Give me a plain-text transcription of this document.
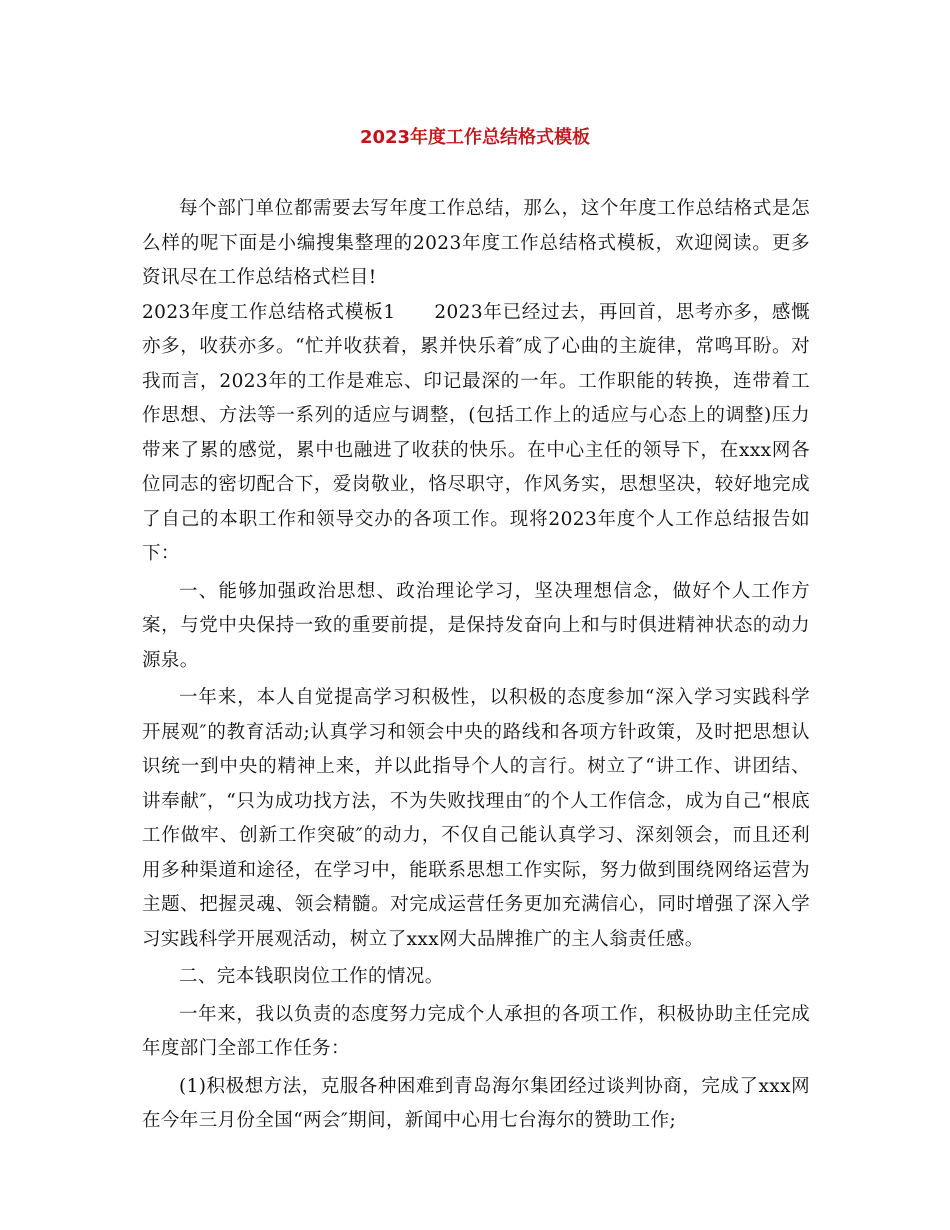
2023年度工作总结格式模板

每个部门单位都需要去写年度工作总结，那么，这个年度工作总结格式是怎么样的呢下面是小编搜集整理的2023年度工作总结格式模板，欢迎阅读。更多资讯尽在工作总结格式栏目!

2023年度工作总结格式模板1　　2023年已经过去，再回首，思考亦多，感慨亦多，收获亦多。“忙并收获着，累并快乐着″成了心曲的主旋律，常鸣耳盼。对我而言，2023年的工作是难忘、印记最深的一年。工作职能的转换，连带着工作思想、方法等一系列的适应与调整，(包括工作上的适应与心态上的调整)压力带来了累的感觉，累中也融进了收获的快乐。在中心主任的领导下，在xxx网各位同志的密切配合下，爱岗敬业，恪尽职守，作风务实，思想坚决，较好地完成了自己的本职工作和领导交办的各项工作。现将2023年度个人工作总结报告如下：

一、能够加强政治思想、政治理论学习，坚决理想信念，做好个人工作方案，与党中央保持一致的重要前提，是保持发奋向上和与时俱进精神状态的动力源泉。

一年来，本人自觉提高学习积极性，以积极的态度参加“深入学习实践科学开展观″的教育活动;认真学习和领会中央的路线和各项方针政策，及时把思想认识统一到中央的精神上来，并以此指导个人的言行。树立了“讲工作、讲团结、讲奉献″，“只为成功找方法，不为失败找理由″的个人工作信念，成为自己“根底工作做牢、创新工作突破″的动力，不仅自己能认真学习、深刻领会，而且还利用多种渠道和途径，在学习中，能联系思想工作实际，努力做到围绕网络运营为主题、把握灵魂、领会精髓。对完成运营任务更加充满信心，同时增强了深入学习实践科学开展观活动，树立了xxx网大品牌推广的主人翁责任感。

二、完本钱职岗位工作的情况。

一年来，我以负责的态度努力完成个人承担的各项工作，积极协助主任完成年度部门全部工作任务：

(1)积极想方法，克服各种困难到青岛海尔集团经过谈判协商，完成了xxx网在今年三月份全国“两会″期间，新闻中心用七台海尔的赞助工作;
